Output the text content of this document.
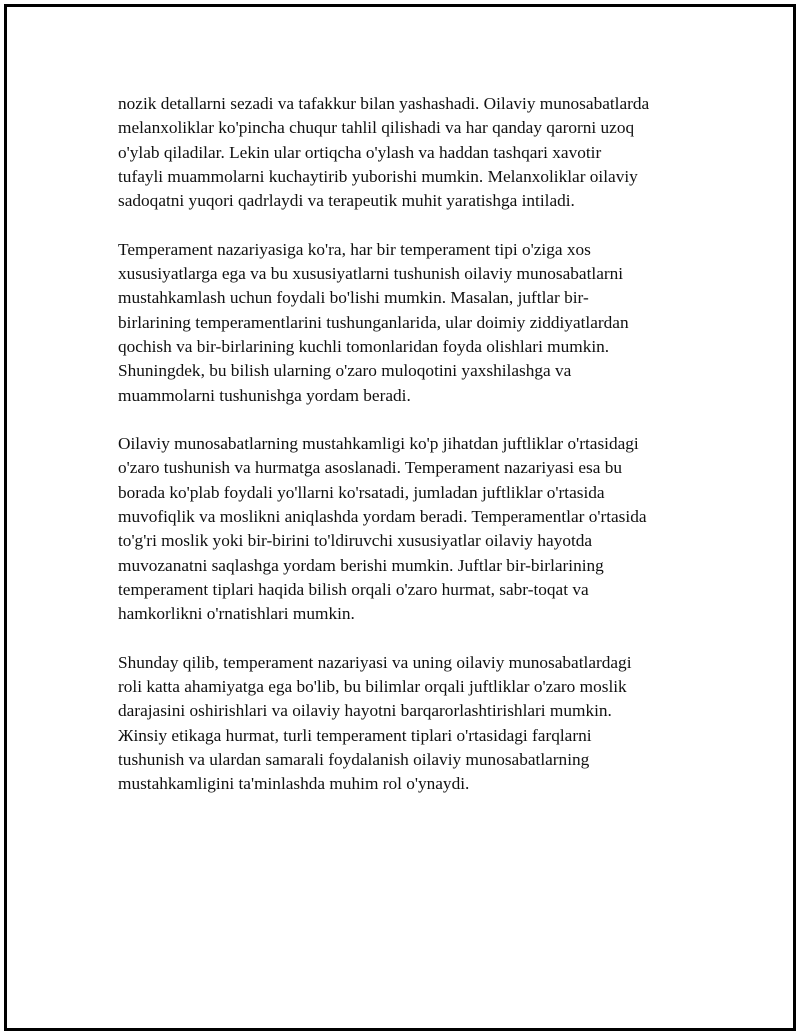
nozik detallarni sezadi va tafakkur bilan yashashadi. Oilaviy munosabatlarda
melanxoliklar ko'pincha chuqur tahlil qilishadi va har qanday qarorni uzoq
o'ylab qiladilar. Lekin ular ortiqcha o'ylash va haddan tashqari xavotir
tufayli muammolarni kuchaytirib yuborishi mumkin. Melanxoliklar oilaviy
sadoqatni yuqori qadrlaydi va terapeutik muhit yaratishga intiladi.

Temperament nazariyasiga ko'ra, har bir temperament tipi o'ziga xos
xususiyatlarga ega va bu xususiyatlarni tushunish oilaviy munosabatlarni
mustahkamlash uchun foydali bo'lishi mumkin. Masalan, juftlar bir-
birlarining temperamentlarini tushunganlarida, ular doimiy ziddiyatlardan
qochish va bir-birlarining kuchli tomonlaridan foyda olishlari mumkin.
Shuningdek, bu bilish ularning o'zaro muloqotini yaxshilashga va
muammolarni tushunishga yordam beradi.

Oilaviy munosabatlarning mustahkamligi ko'p jihatdan juftliklar o'rtasidagi
o'zaro tushunish va hurmatga asoslanadi. Temperament nazariyasi esa bu
borada ko'plab foydali yo'llarni ko'rsatadi, jumladan juftliklar o'rtasida
muvofiqlik va moslikni aniqlashda yordam beradi. Temperamentlar o'rtasida
to'g'ri moslik yoki bir-birini to'ldiruvchi xususiyatlar oilaviy hayotda
muvozanatni saqlashga yordam berishi mumkin. Juftlar bir-birlarining
temperament tiplari haqida bilish orqali o'zaro hurmat, sabr-toqat va
hamkorlikni o'rnatishlari mumkin.

Shunday qilib, temperament nazariyasi va uning oilaviy munosabatlardagi
roli katta ahamiyatga ega bo'lib, bu bilimlar orqali juftliklar o'zaro moslik
darajasini oshirishlari va oilaviy hayotni barqarorlashtirishlari mumkin.
Жinsiy etikaga hurmat, turli temperament tiplari o'rtasidagi farqlarni
tushunish va ulardan samarali foydalanish oilaviy munosabatlarning
mustahkamligini ta'minlashda muhim rol o'ynaydi.
